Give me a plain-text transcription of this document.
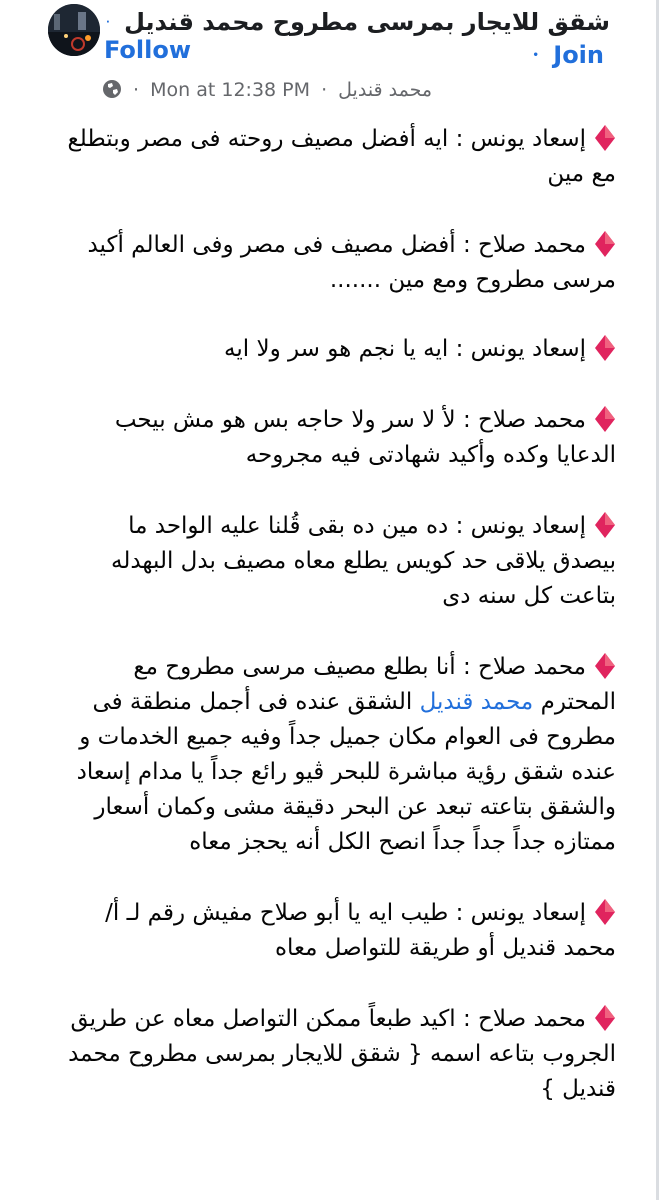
شقق للايجار بمرسى مطروح محمد قنديل · Join •
Follow
· Mon at 12:38 PM · محمد قنديل
إسعاد يونس : ايه أفضل مصيف روحته فى مصر وبتطلع مع مين
محمد صلاح : أفضل مصيف فى مصر وفى العالم أكيد مرسى مطروح ومع مين .......
إسعاد يونس : ايه يا نجم هو سر ولا ايه
محمد صلاح : لأ لا سر ولا حاجه بس هو مش بيحب الدعايا وكده وأكيد شهادتى فيه مجروحه
إسعاد يونس : ده مين ده بقى قُلنا عليه الواحد ما بيصدق يلاقى حد كويس يطلع معاه مصيف بدل البهدله بتاعت كل سنه دى
محمد صلاح : أنا بطلع مصيف مرسى مطروح مع المحترم محمد قنديل الشقق عنده فى أجمل منطقة فى مطروح فى العوام مكان جميل جداً وفيه جميع الخدمات و عنده شقق رؤية مباشرة للبحر ڤيو رائع جداً يا مدام إسعاد والشقق بتاعته تبعد عن البحر دقيقة مشى وكمان أسعار ممتازه جداً جداً جداً انصح الكل أنه يحجز معاه
إسعاد يونس : طيب ايه يا أبو صلاح مفيش رقم لـ أ/ محمد قنديل أو طريقة للتواصل معاه
محمد صلاح : اكيد طبعاً ممكن التواصل معاه عن طريق الجروب بتاعه اسمه { شقق للايجار بمرسى مطروح محمد قنديل }
